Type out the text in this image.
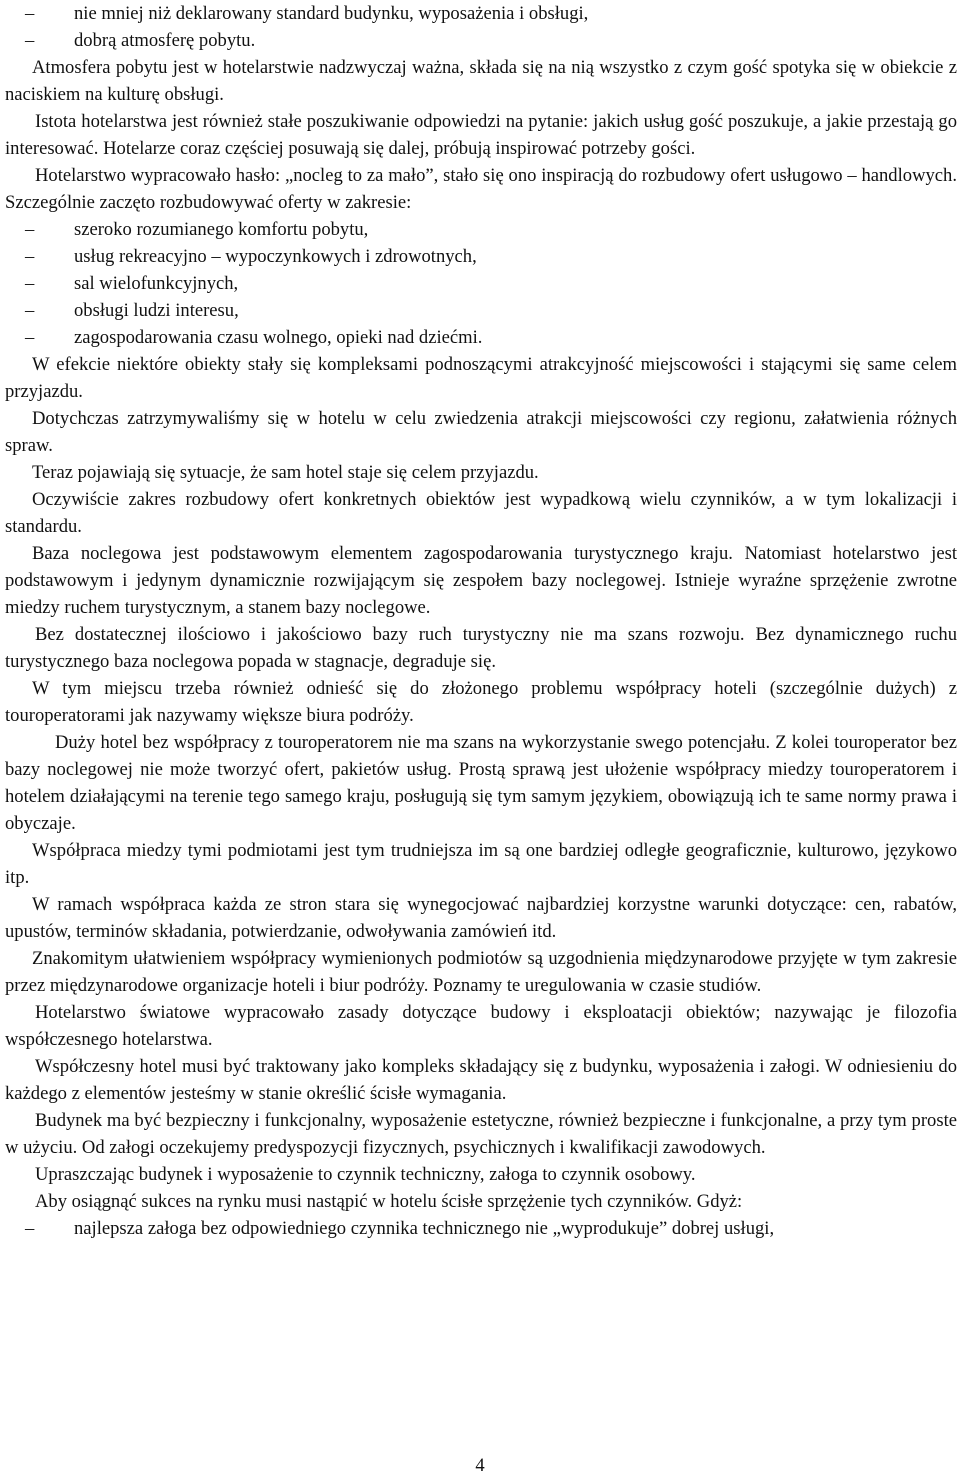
– nie mniej niż deklarowany standard budynku, wyposażenia i obsługi,
– dobrą atmosferę pobytu.

Atmosfera pobytu jest w hotelarstwie nadzwyczaj ważna, składa się na nią wszystko z czym gość spotyka się w obiekcie z naciskiem na kulturę obsługi.

Istota hotelarstwa jest również stałe poszukiwanie odpowiedzi na pytanie: jakich usług gość poszukuje, a jakie przestają go interesować. Hotelarze coraz częściej posuwają się dalej, próbują inspirować potrzeby gości.

Hotelarstwo wypracowało hasło: „nocleg to za mało”, stało się ono inspiracją do rozbudowy ofert usługowo – handlowych. Szczególnie zaczęto rozbudowywać oferty w zakresie:

– szeroko rozumianego komfortu pobytu,
– usług rekreacyjno – wypoczynkowych i zdrowotnych,
– sal wielofunkcyjnych,
– obsługi ludzi interesu,
– zagospodarowania czasu wolnego, opieki nad dziećmi.

W efekcie niektóre obiekty stały się kompleksami podnoszącymi atrakcyjność miejscowości i stającymi się same celem przyjazdu.

Dotychczas zatrzymywaliśmy się w hotelu w celu zwiedzenia atrakcji miejscowości czy regionu, załatwienia różnych spraw.

Teraz pojawiają się sytuacje, że sam hotel staje się celem przyjazdu.

Oczywiście zakres rozbudowy ofert konkretnych obiektów jest wypadkową wielu czynników, a w tym lokalizacji i standardu.

Baza noclegowa jest podstawowym elementem zagospodarowania turystycznego kraju. Natomiast hotelarstwo jest podstawowym i jedynym dynamicznie rozwijającym się zespołem bazy noclegowej. Istnieje wyraźne sprzężenie zwrotne miedzy ruchem turystycznym, a stanem bazy noclegowe.

Bez dostatecznej ilościowo i jakościowo bazy ruch turystyczny nie ma szans rozwoju. Bez dynamicznego ruchu turystycznego baza noclegowa popada w stagnacje, degraduje się.

W tym miejscu trzeba również odnieść się do złożonego problemu współpracy hoteli (szczególnie dużych) z touroperatorami jak nazywamy większe biura podróży.

Duży hotel bez współpracy z touroperatorem nie ma szans na wykorzystanie swego potencjału. Z kolei touroperator bez bazy noclegowej nie może tworzyć ofert, pakietów usług. Prostą sprawą jest ułożenie współpracy miedzy touroperatorem i hotelem działającymi na terenie tego samego kraju, posługują się tym samym językiem, obowiązują ich te same normy prawa i obyczaje.

Współpraca miedzy tymi podmiotami jest tym trudniejsza im są one bardziej odległe geograficznie, kulturowo, językowo itp.

W ramach współpraca każda ze stron stara się wynegocjować najbardziej korzystne warunki dotyczące: cen, rabatów, upustów, terminów składania, potwierdzanie, odwoływania zamówień itd.

Znakomitym ułatwieniem współpracy wymienionych podmiotów są uzgodnienia międzynarodowe przyjęte w tym zakresie przez międzynarodowe organizacje hoteli i biur podróży. Poznamy te uregulowania w czasie studiów.

Hotelarstwo światowe wypracowało zasady dotyczące budowy i eksploatacji obiektów; nazywając je filozofia współczesnego hotelarstwa.

Współczesny hotel musi być traktowany jako kompleks składający się z budynku, wyposażenia i załogi. W odniesieniu do każdego z elementów jesteśmy w stanie określić ścisłe wymagania.

Budynek ma być bezpieczny i funkcjonalny, wyposażenie estetyczne, również bezpieczne i funkcjonalne, a przy tym proste w użyciu. Od załogi oczekujemy predyspozycji fizycznych, psychicznych i kwalifikacji zawodowych.

Upraszczając budynek i wyposażenie to czynnik techniczny, załoga to czynnik osobowy.

Aby osiągnąć sukces na rynku musi nastąpić w hotelu ścisłe sprzężenie tych czynników. Gdyż:

– najlepsza załoga bez odpowiedniego czynnika technicznego nie „wyprodukuje” dobrej usługi,
4
